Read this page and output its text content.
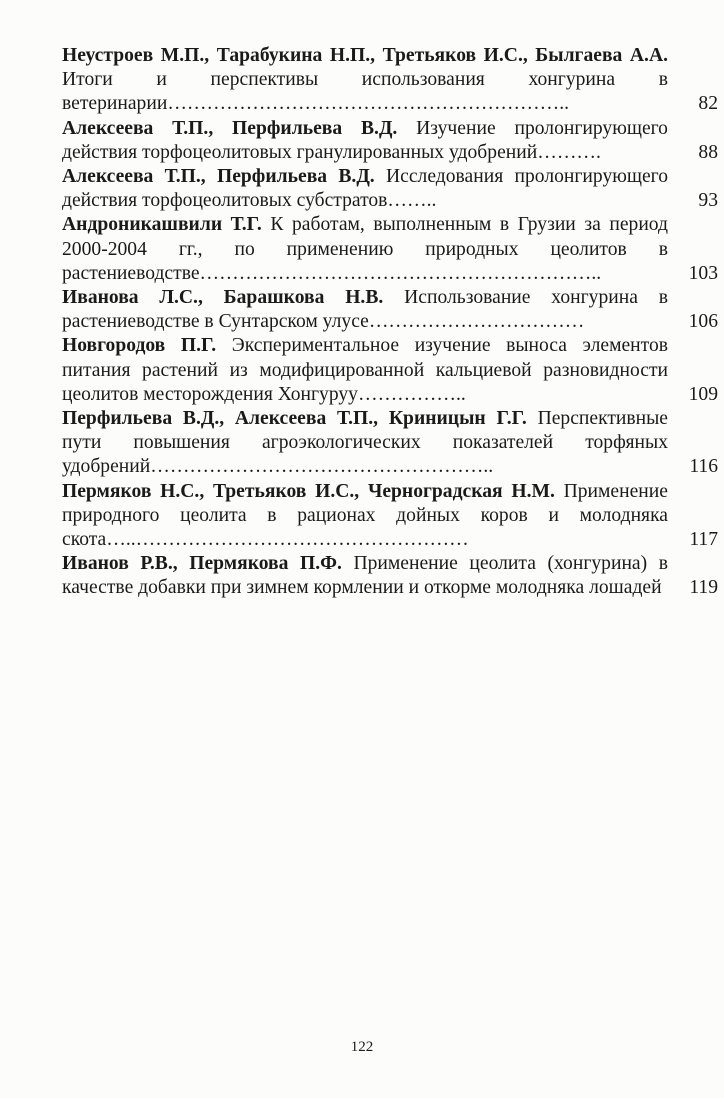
Неустроев М.П., Тарабукина Н.П., Третьяков И.С., Былгаева А.А. Итоги и перспективы использования хонгурина в ветеринарии……………………………………………………..	82

Алексеева Т.П., Перфильева В.Д. Изучение пролонгирующего действия торфоцеолитовых гранулированных удобрений……….	88

Алексеева Т.П., Перфильева В.Д. Исследования пролонгирующего действия торфоцеолитовых субстратов……..	93

Андроникашвили Т.Г. К работам, выполненным в Грузии за период 2000-2004 гг., по применению природных цеолитов в растениеводстве……………………………………………………..	103

Иванова Л.С., Барашкова Н.В. Использование хонгурина в растениеводстве в Сунтарском улусе……………………………	106

Новгородов П.Г. Экспериментальное изучение выноса элементов питания растений из модифицированной кальциевой разновидности цеолитов месторождения Хонгуруу……………..	109

Перфильева В.Д., Алексеева Т.П., Криницын Г.Г. Перспективные пути повышения агроэкологических показателей торфяных удобрений……………………………………………..	116

Пермяков Н.С., Третьяков И.С., Черноградская Н.М. Применение природного цеолита в рационах дойных коров и молодняка скота…..……………………………………………	117

Иванов Р.В., Пермякова П.Ф. Применение цеолита (хонгурина) в качестве добавки при зимнем кормлении и откорме молодняка лошадей	119

122
